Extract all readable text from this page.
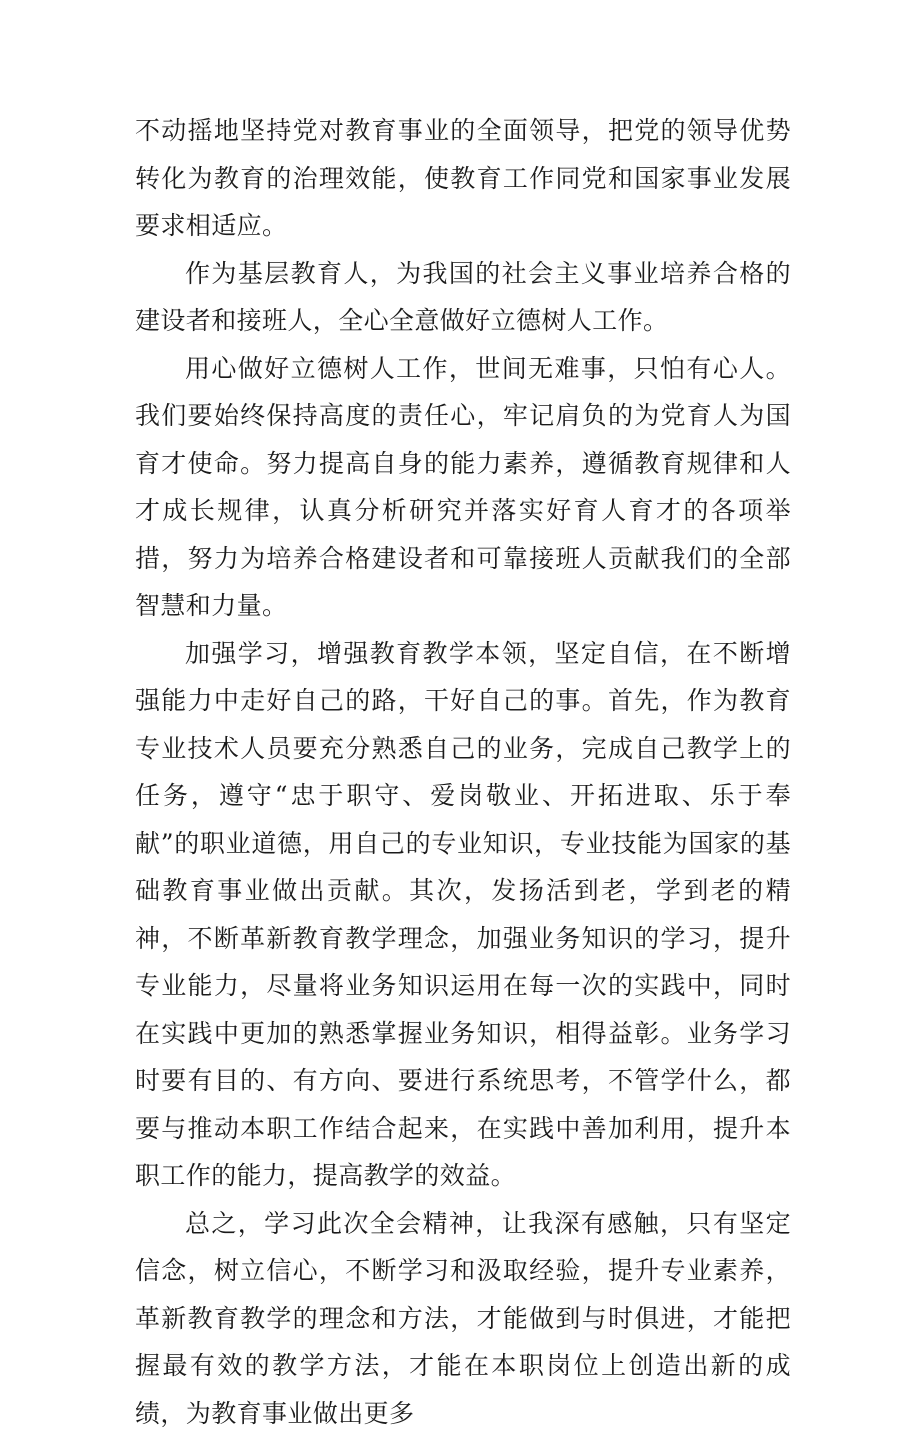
不动摇地坚持党对教育事业的全面领导，把党的领导优势转化为教育的治理效能，使教育工作同党和国家事业发展要求相适应。

作为基层教育人，为我国的社会主义事业培养合格的建设者和接班人，全心全意做好立德树人工作。

用心做好立德树人工作，世间无难事，只怕有心人。我们要始终保持高度的责任心，牢记肩负的为党育人为国育才使命。努力提高自身的能力素养，遵循教育规律和人才成长规律，认真分析研究并落实好育人育才的各项举措，努力为培养合格建设者和可靠接班人贡献我们的全部智慧和力量。

加强学习，增强教育教学本领，坚定自信，在不断增强能力中走好自己的路，干好自己的事。首先，作为教育专业技术人员要充分熟悉自己的业务，完成自己教学上的任务，遵守“忠于职守、爱岗敬业、开拓进取、乐于奉献”的职业道德，用自己的专业知识，专业技能为国家的基础教育事业做出贡献。其次，发扬活到老，学到老的精神，不断革新教育教学理念，加强业务知识的学习，提升专业能力，尽量将业务知识运用在每一次的实践中，同时在实践中更加的熟悉掌握业务知识，相得益彰。业务学习时要有目的、有方向、要进行系统思考，不管学什么，都要与推动本职工作结合起来，在实践中善加利用，提升本职工作的能力，提高教学的效益。

总之，学习此次全会精神，让我深有感触，只有坚定信念，树立信心，不断学习和汲取经验，提升专业素养，革新教育教学的理念和方法，才能做到与时俱进，才能把握最有效的教学方法，才能在本职岗位上创造出新的成绩，为教育事业做出更多
